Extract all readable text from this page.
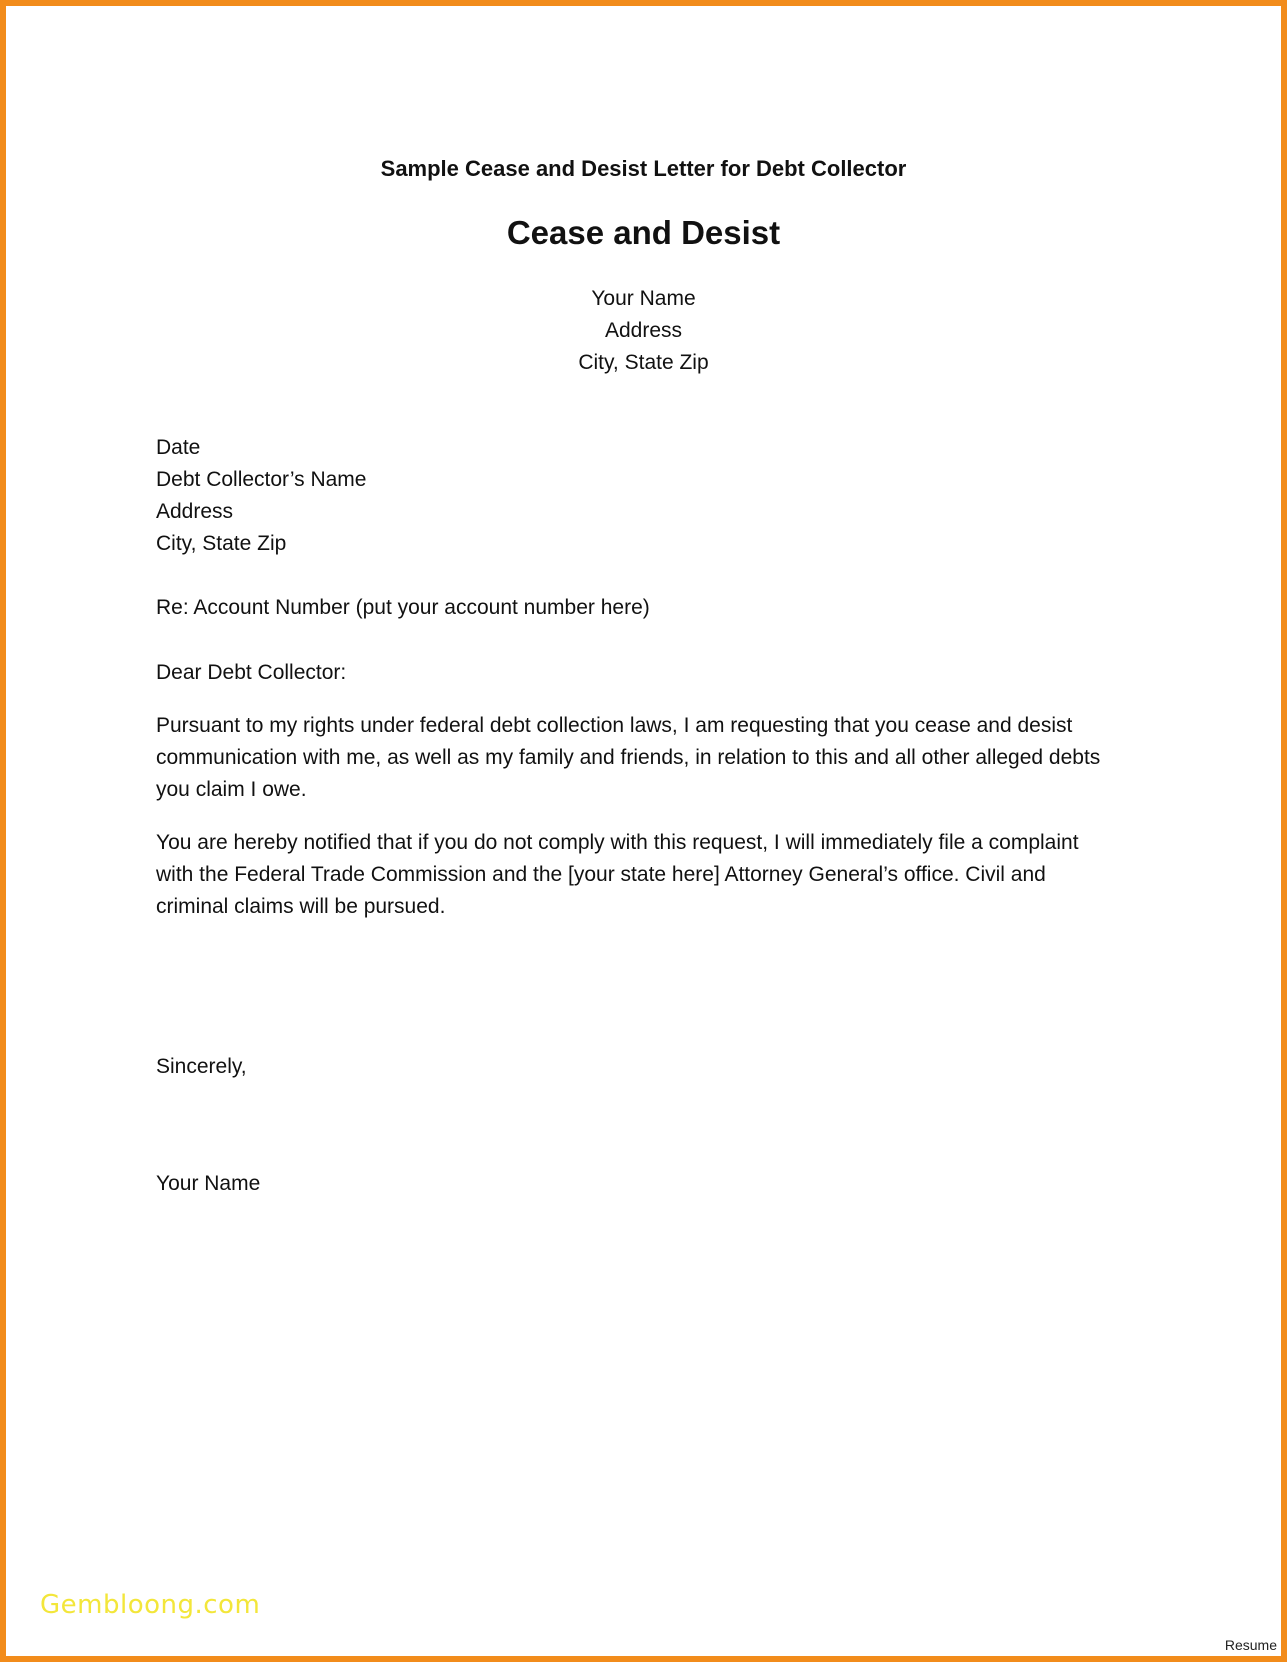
Sample Cease and Desist Letter for Debt Collector
Cease and Desist
Your Name
Address
City, State Zip
Date
Debt Collector’s Name
Address
City, State Zip
Re: Account Number (put your account number here)
Dear Debt Collector:
Pursuant to my rights under federal debt collection laws, I am requesting that you cease and desist communication with me, as well as my family and friends, in relation to this and all other alleged debts you claim I owe.
You are hereby notified that if you do not comply with this request, I will immediately file a complaint with the Federal Trade Commission and the [your state here] Attorney General’s office. Civil and criminal claims will be pursued.
Sincerely,
Your Name
Gembloong.com
Resume
